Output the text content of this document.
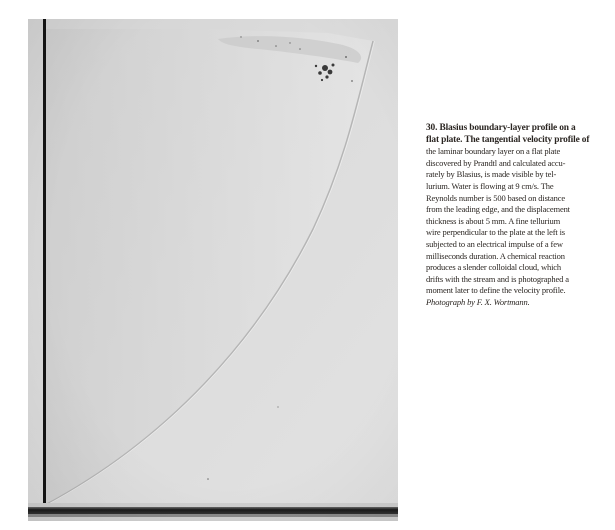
30. Blasius boundary-layer profile on a
flat plate. The tangential velocity profile of
the laminar boundary layer on a flat plate
discovered by Prandtl and calculated accu-
rately by Blasius, is made visible by tel-
lurium. Water is flowing at 9 cm/s. The
Reynolds number is 500 based on distance
from the leading edge, and the displacement
thickness is about 5 mm. A fine tellurium
wire perpendicular to the plate at the left is
subjected to an electrical impulse of a few
milliseconds duration. A chemical reaction
produces a slender colloidal cloud, which
drifts with the stream and is photographed a
moment later to define the velocity profile.
Photograph by F. X. Wortmann.
